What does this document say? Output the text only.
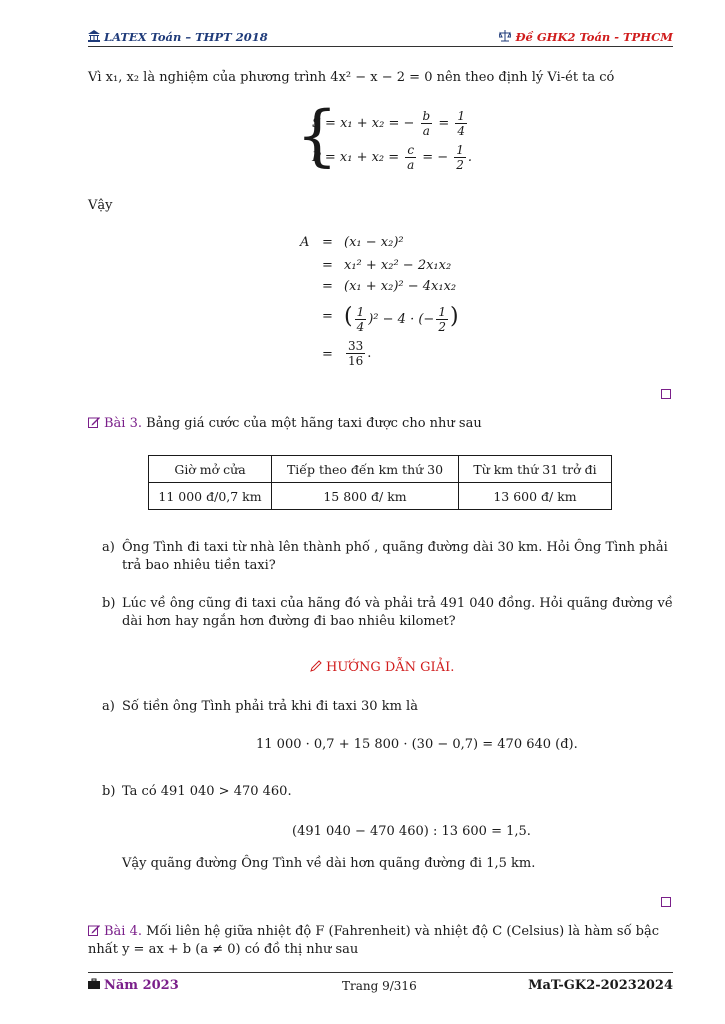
LATEX Toán – THPT 2018	Đề GHK2 Toán - TPHCM
Vì x₁, x₂ là nghiệm của phương trình 4x² − x − 2 = 0 nên theo định lý Vi-ét ta có
{
S = x₁ + x₂ = − $\frac{b}{a} = \frac{1}{4}$
$P = x_1 + x_2 = \frac{c}{a}$ = − $\frac{1}{2}$ .
Vậy
A = (x₁ − x₂)²
= x₁² + x₂² − 2x₁x₂
= (x₁ + x₂)² − 4x₁x₂
= ( $\frac{1}{4} )^2 - 4$ · (− $\frac{1}{2}$ )
= $\frac{33}{16}$ .
Bài 3. Bảng giá cước của một hãng taxi được cho như sau
Giờ mở cửa	Tiếp theo đến km thứ 30	Từ km thứ 31 trở đi
11 000 đ/0,7 km	15 800 đ/ km	13 600 đ/ km
a) Ông Tình đi taxi từ nhà lên thành phố , quãng đường dài 30 km. Hỏi Ông Tình phải trả bao nhiêu tiền taxi?
b) Lúc về ông cũng đi taxi của hãng đó và phải trả 491 040 đồng. Hỏi quãng đường về dài hơn hay ngắn hơn đường đi bao nhiêu kilomet?
HƯỚNG DẪN GIẢI.
a) Số tiền ông Tình phải trả khi đi taxi 30 km là
11 000 · 0,7 + 15 800 · (30 − 0,7) = 470 640 (đ).
b) Ta có 491 040 > 470 460.
(491 040 − 470 460) : 13 600 = 1,5.
Vậy quãng đường Ông Tình về dài hơn quãng đường đi 1,5 km.
Bài 4. Mối liên hệ giữa nhiệt độ F (Fahrenheit) và nhiệt độ C (Celsius) là hàm số bậc nhất y = ax + b (a ≠ 0) có đồ thị như sau
Năm 2023	Trang 9/316	MaT-GK2-20232024
